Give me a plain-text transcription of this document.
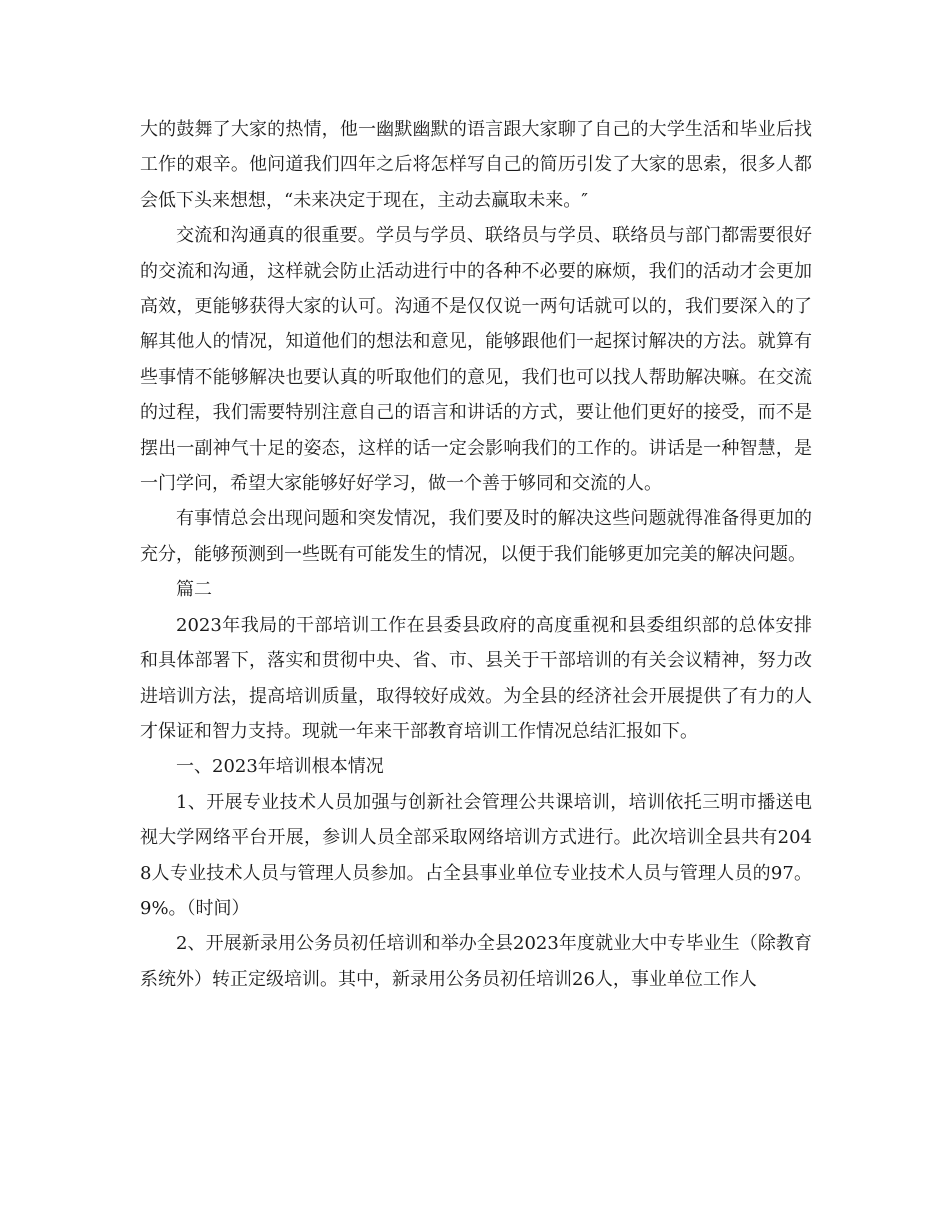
大的鼓舞了大家的热情，他一幽默幽默的语言跟大家聊了自己的大学生活和毕业后找工作的艰辛。他问道我们四年之后将怎样写自己的简历引发了大家的思索，很多人都会低下头来想想，“未来决定于现在，主动去赢取未来。″

交流和沟通真的很重要。学员与学员、联络员与学员、联络员与部门都需要很好的交流和沟通，这样就会防止活动进行中的各种不必要的麻烦，我们的活动才会更加高效，更能够获得大家的认可。沟通不是仅仅说一两句话就可以的，我们要深入的了解其他人的情况，知道他们的想法和意见，能够跟他们一起探讨解决的方法。就算有些事情不能够解决也要认真的听取他们的意见，我们也可以找人帮助解决嘛。在交流的过程，我们需要特别注意自己的语言和讲话的方式，要让他们更好的接受，而不是摆出一副神气十足的姿态，这样的话一定会影响我们的工作的。讲话是一种智慧，是一门学问，希望大家能够好好学习，做一个善于够同和交流的人。

有事情总会出现问题和突发情况，我们要及时的解决这些问题就得准备得更加的充分，能够预测到一些既有可能发生的情况，以便于我们能够更加完美的解决问题。

篇二

2023年我局的干部培训工作在县委县政府的高度重视和县委组织部的总体安排和具体部署下，落实和贯彻中央、省、市、县关于干部培训的有关会议精神，努力改进培训方法，提高培训质量，取得较好成效。为全县的经济社会开展提供了有力的人才保证和智力支持。现就一年来干部教育培训工作情况总结汇报如下。

一、2023年培训根本情况

1、开展专业技术人员加强与创新社会管理公共课培训，培训依托三明市播送电视大学网络平台开展，参训人员全部采取网络培训方式进行。此次培训全县共有2048人专业技术人员与管理人员参加。占全县事业单位专业技术人员与管理人员的97。9%。（时间）

2、开展新录用公务员初任培训和举办全县2023年度就业大中专毕业生（除教育系统外）转正定级培训。其中，新录用公务员初任培训26人，事业单位工作人
